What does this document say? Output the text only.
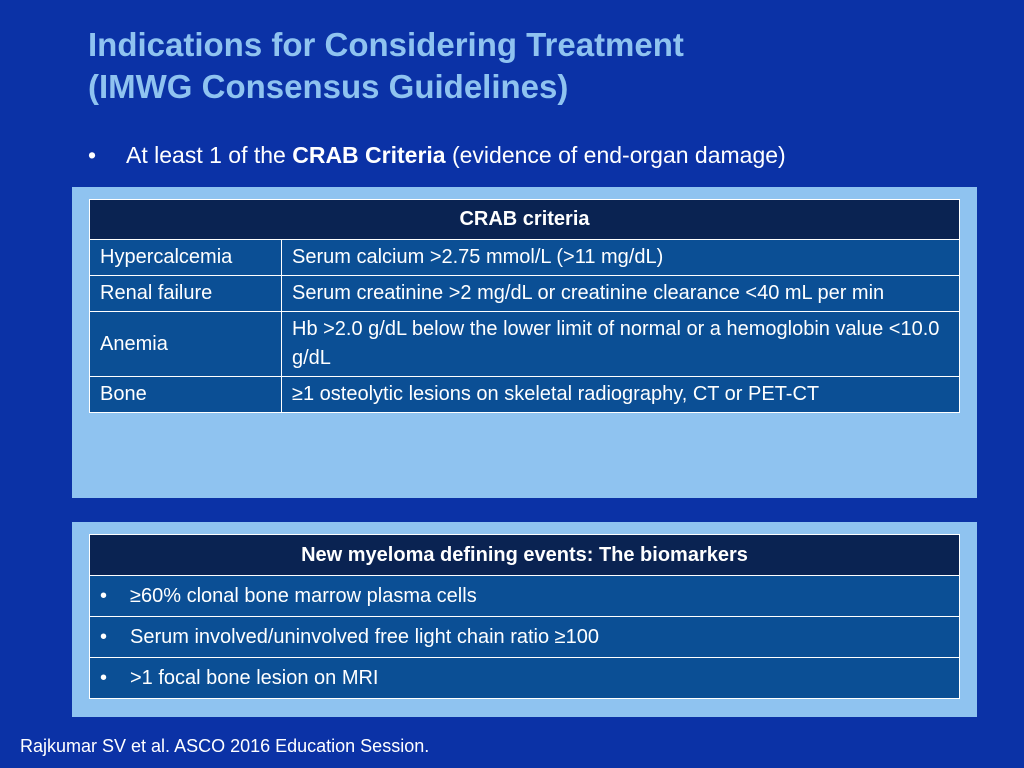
Indications for Considering Treatment
(IMWG Consensus Guidelines)
• At least 1 of the CRAB Criteria (evidence of end-organ damage)
CRAB criteria	
Hypercalcemia	Serum calcium >2.75 mmol/L (>11 mg/dL)
Renal failure	Serum creatinine >2 mg/dL or creatinine clearance <40 mL per min
Anemia	Hb >2.0 g/dL below the lower limit of normal or a hemoglobin value <10.0 g/dL
Bone	≥1 osteolytic lesions on skeletal radiography, CT or PET-CT
New myeloma defining events: The biomarkers
• ≥60% clonal bone marrow plasma cells
• Serum involved/uninvolved free light chain ratio ≥100
• >1 focal bone lesion on MRI
Rajkumar SV et al. ASCO 2016 Education Session.
